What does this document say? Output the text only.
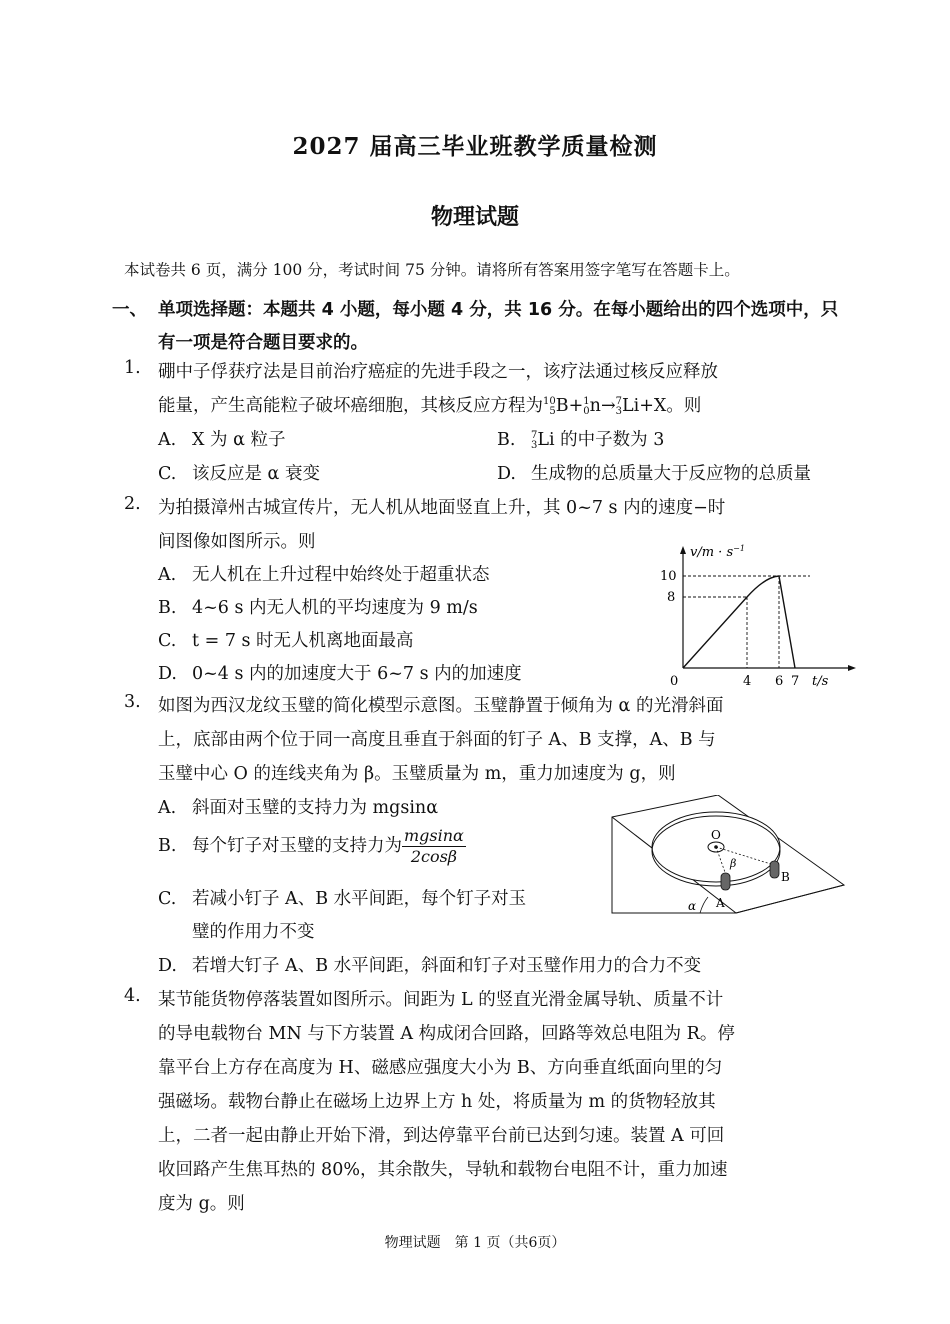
2027 届高三毕业班教学质量检测
物理试题
本试卷共 6 页，满分 100 分，考试时间 75 分钟。请将所有答案用签字笔写在答题卡上。
一、 单项选择题：本题共 4 小题，每小题 4 分，共 16 分。在每小题给出的四个选项中，只有一项是符合题目要求的。
1. 硼中子俘获疗法是目前治疗癌症的先进手段之一，该疗法通过核反应释放
能量，产生高能粒子破坏癌细胞，其核反应方程为 10
5 B+ 1
0 n→ 7
3 Li+X。则
A. X 为 α 粒子	B. 7
3 Li 的中子数为 3
C. 该反应是 α 衰变	D. 生成物的总质量大于反应物的总质量
2. 为拍摄漳州古城宣传片，无人机从地面竖直上升，其 0~7 s 内的速度−时
间图像如图所示。则
A. 无人机在上升过程中始终处于超重状态
B. 4~6 s 内无人机的平均速度为 9 m/s
C. t = 7 s 时无人机离地面最高
D. 0~4 s 内的加速度大于 6~7 s 内的加速度
$v/m \cdot s^{-1}$
10
8
0	4 6 7 t/s
3. 如图为西汉龙纹玉璧的简化模型示意图。玉璧静置于倾角为 α 的光滑斜面
上，底部由两个位于同一高度且垂直于斜面的钉子 A、B 支撑，A、B 与
玉璧中心 O 的连线夹角为 β。玉璧质量为 m，重力加速度为 g，则
A. 斜面对玉璧的支持力为 mgsinα
B. 每个钉子对玉璧的支持力为 $\frac{mgsin\alpha}{2\cos\beta}$
C. 若减小钉子 A、B 水平间距，每个钉子对玉
璧的作用力不变
D. 若增大钉子 A、B 水平间距，斜面和钉子对玉璧作用力的合力不变
O
A
B
β
α
4. 某节能货物停落装置如图所示。间距为 L 的竖直光滑金属导轨、质量不计
的导电载物台 MN 与下方装置 A 构成闭合回路，回路等效总电阻为 R。停
靠平台上方存在高度为 H、磁感应强度大小为 B、方向垂直纸面向里的匀
强磁场。载物台静止在磁场上边界上方 h 处，将质量为 m 的货物轻放其
上，二者一起由静止开始下滑，到达停靠平台前已达到匀速。装置 A 可回
收回路产生焦耳热的 80%，其余散失，导轨和载物台电阻不计，重力加速
度为 g。则
物理试题　第 1 页（共6页）
